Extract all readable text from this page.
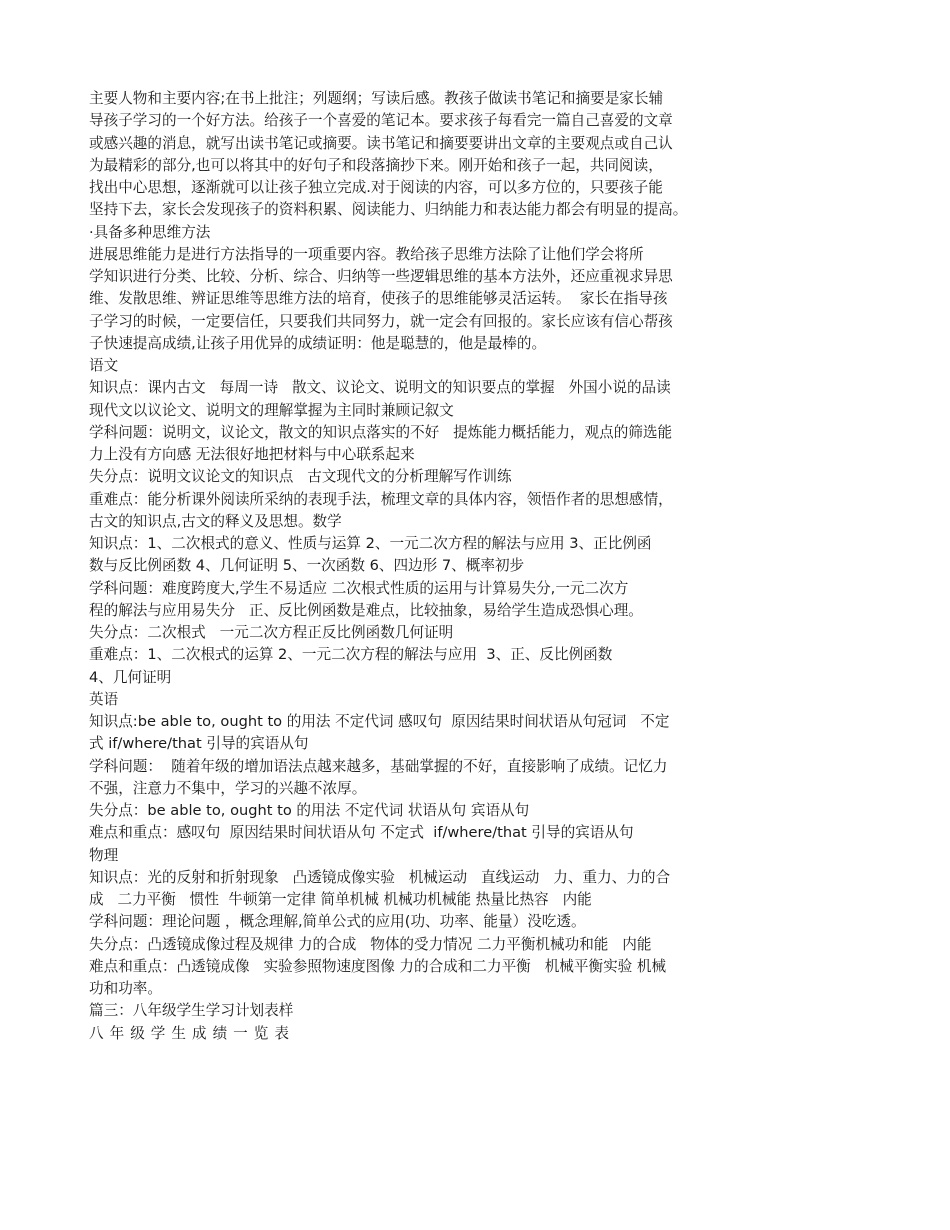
主要人物和主要内容;在书上批注；列题纲；写读后感。教孩子做读书笔记和摘要是家长辅
导孩子学习的一个好方法。给孩子一个喜爱的笔记本。要求孩子每看完一篇自己喜爱的文章
或感兴趣的消息，就写出读书笔记或摘要。读书笔记和摘要要讲出文章的主要观点或自己认
为最精彩的部分,也可以将其中的好句子和段落摘抄下来。刚开始和孩子一起，共同阅读，
找出中心思想，逐渐就可以让孩子独立完成.对于阅读的内容，可以多方位的，只要孩子能
坚持下去，家长会发现孩子的资料积累、阅读能力、归纳能力和表达能力都会有明显的提高。
·具备多种思维方法
进展思维能力是进行方法指导的一项重要内容。教给孩子思维方法除了让他们学会将所
学知识进行分类、比较、分析、综合、归纳等一些逻辑思维的基本方法外，还应重视求异思
维、发散思维、辨证思维等思维方法的培育，使孩子的思维能够灵活运转。  家长在指导孩
子学习的时候，一定要信任，只要我们共同努力，就一定会有回报的。家长应该有信心帮孩
子快速提高成绩,让孩子用优异的成绩证明：他是聪慧的，他是最棒的。
语文
知识点：课内古文   每周一诗   散文、议论文、说明文的知识要点的掌握   外国小说的品读
现代文以议论文、说明文的理解掌握为主同时兼顾记叙文
学科问题：说明文，议论文，散文的知识点落实的不好   提炼能力概括能力，观点的筛选能
力上没有方向感 无法很好地把材料与中心联系起来
失分点：说明文议论文的知识点   古文现代文的分析理解写作训练
重难点：能分析课外阅读所采纳的表现手法，梳理文章的具体内容，领悟作者的思想感情，
古文的知识点,古文的释义及思想。数学
知识点：1、二次根式的意义、性质与运算 2、一元二次方程的解法与应用 3、正比例函
数与反比例函数 4、几何证明 5、一次函数 6、四边形 7、概率初步
学科问题：难度跨度大,学生不易适应 二次根式性质的运用与计算易失分,一元二次方
程的解法与应用易失分   正、反比例函数是难点，比较抽象，易给学生造成恐惧心理。
失分点：二次根式   一元二次方程正反比例函数几何证明
重难点：1、二次根式的运算 2、一元二次方程的解法与应用  3、正、反比例函数
4、几何证明
英语
知识点:be able to, ought to 的用法 不定代词 感叹句  原因结果时间状语从句冠词   不定
式 if/where/that 引导的宾语从句
学科问题：  随着年级的增加语法点越来越多，基础掌握的不好，直接影响了成绩。记忆力
不强，注意力不集中，学习的兴趣不浓厚。
失分点：be able to, ought to 的用法 不定代词 状语从句 宾语从句
难点和重点：感叹句  原因结果时间状语从句 不定式  if/where/that 引导的宾语从句
物理
知识点：光的反射和折射现象   凸透镜成像实验   机械运动   直线运动   力、重力、力的合
成   二力平衡   惯性  牛顿第一定律 简单机械 机械功机械能 热量比热容   内能
学科问题：理论问题 ，概念理解,简单公式的应用(功、功率、能量）没吃透。
失分点：凸透镜成像过程及规律 力的合成   物体的受力情况 二力平衡机械功和能   内能
难点和重点：凸透镜成像   实验参照物速度图像 力的合成和二力平衡   机械平衡实验 机械
功和功率。
篇三：八年级学生学习计划表样
八年级学生成绩一览表
